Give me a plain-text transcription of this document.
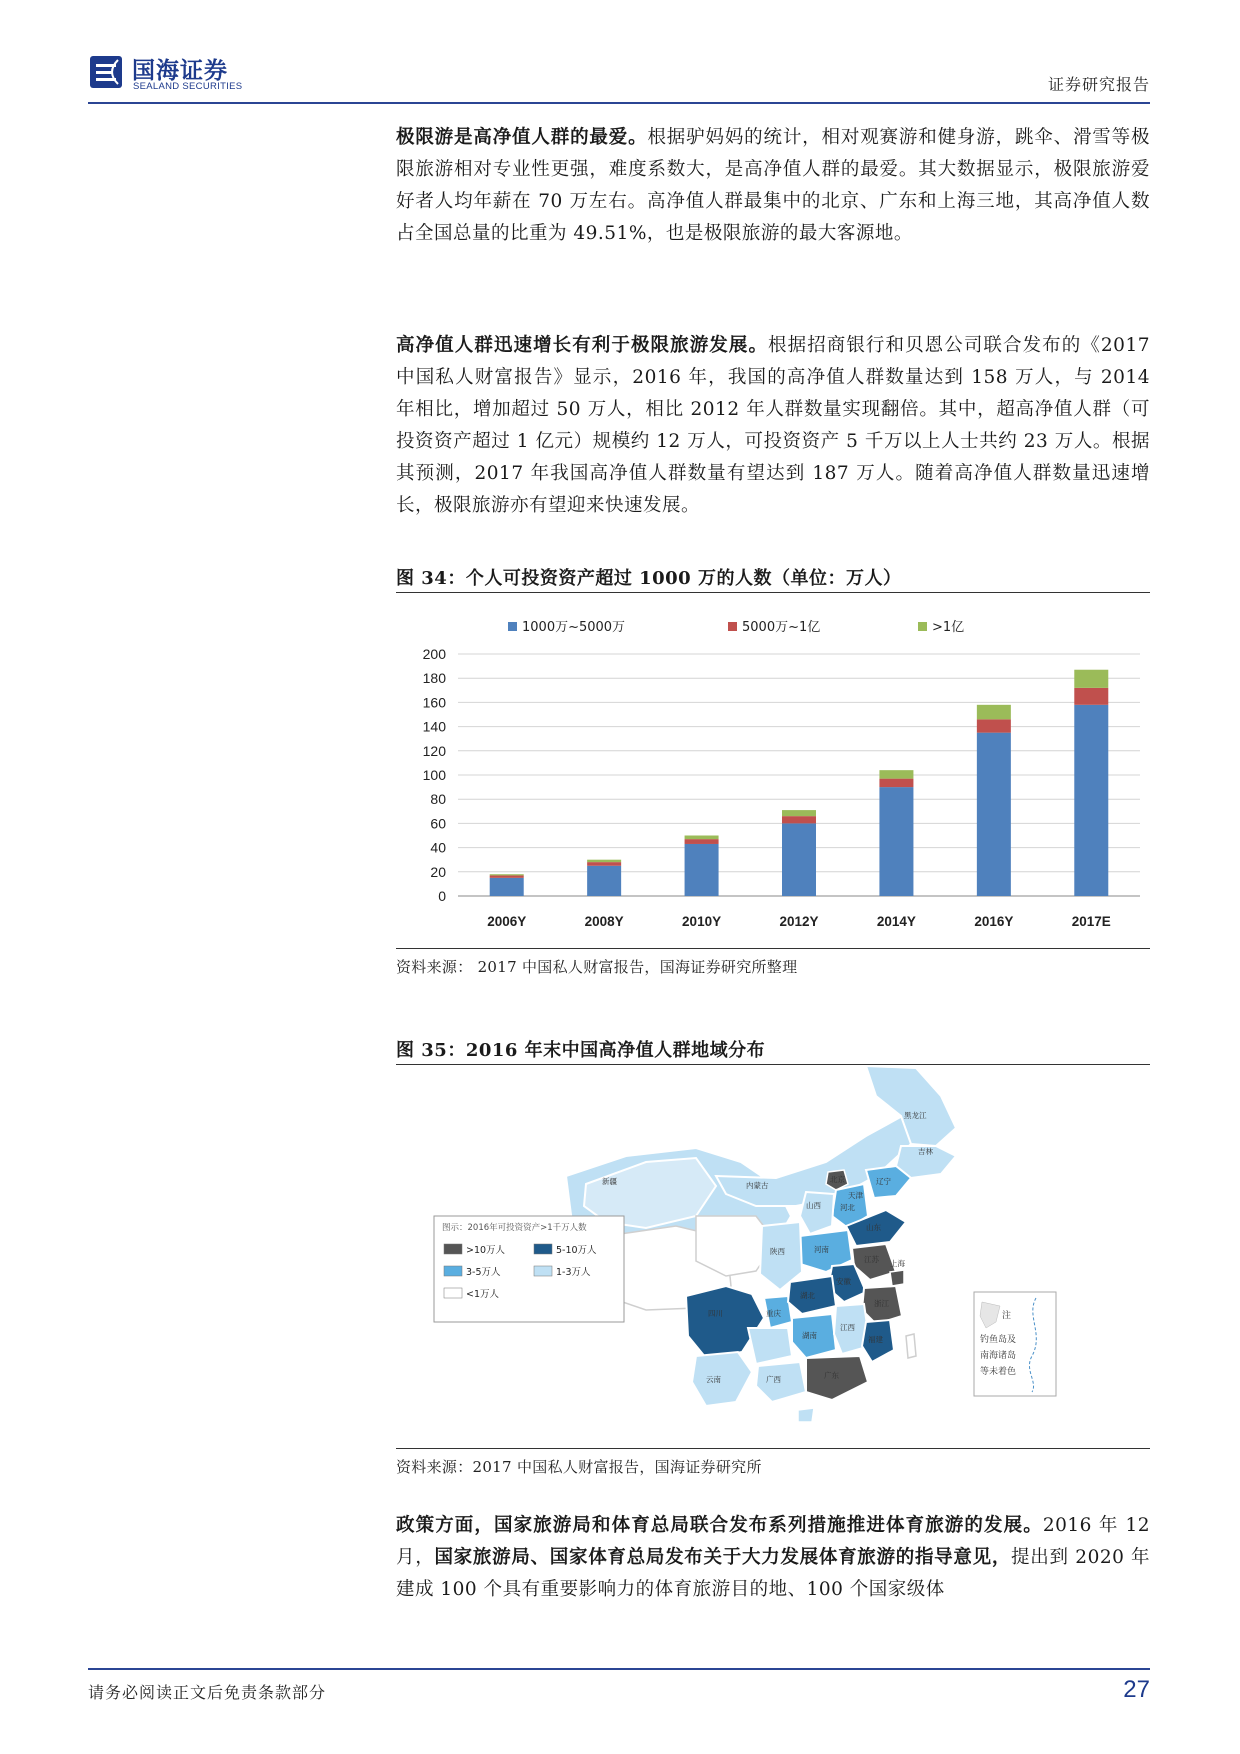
国海证券
SEALAND SECURITIES	证券研究报告
极限游是高净值人群的最爱。根据驴妈妈的统计，相对观赛游和健身游，跳伞、滑雪等极限旅游相对专业性更强，难度系数大，是高净值人群的最爱。其大数据显示，极限旅游爱好者人均年薪在 70 万左右。高净值人群最集中的北京、广东和上海三地，其高净值人数占全国总量的比重为 49.51%，也是极限旅游的最大客源地。
高净值人群迅速增长有利于极限旅游发展。根据招商银行和贝恩公司联合发布的《2017 中国私人财富报告》显示，2016 年，我国的高净值人群数量达到 158 万人，与 2014 年相比，增加超过 50 万人，相比 2012 年人群数量实现翻倍。其中，超高净值人群（可投资资产超过 1 亿元）规模约 12 万人，可投资资产 5 千万以上人士共约 23 万人。根据其预测，2017 年我国高净值人群数量有望达到 187 万人。随着高净值人群数量迅速增长，极限旅游亦有望迎来快速发展。
图 34：个人可投资资产超过 1000 万的人数（单位：万人）
0
20
40
60
80
100
120
140
160
180
200
1000万~5000万	5000万~1亿	>1亿
2006Y	2008Y	2010Y	2012Y	2014Y	2016Y	2017E
资料来源： 2017 中国私人财富报告，国海证券研究所整理
图 35：2016 年末中国高净值人群地域分布
黑龙江
吉林
辽宁
新疆	内蒙古
北京
天津
河北
山西
山东
河南
陕西
江苏
安徽
上海
四川
湖北
浙江
重庆
湖南
江西
福建
云南	广西	广东
图示：2016年可投资资产>1千万人数
>10万人	5-10万人
3-5万人	1-3万人
<1万人
注
钓鱼岛及
南海诸岛
等未着色
资料来源：2017 中国私人财富报告，国海证券研究所
政策方面，国家旅游局和体育总局联合发布系列措施推进体育旅游的发展。2016 年 12 月，国家旅游局、国家体育总局发布关于大力发展体育旅游的指导意见，提出到 2020 年建成 100 个具有重要影响力的体育旅游目的地、100 个国家级体
请务必阅读正文后免责条款部分	27
